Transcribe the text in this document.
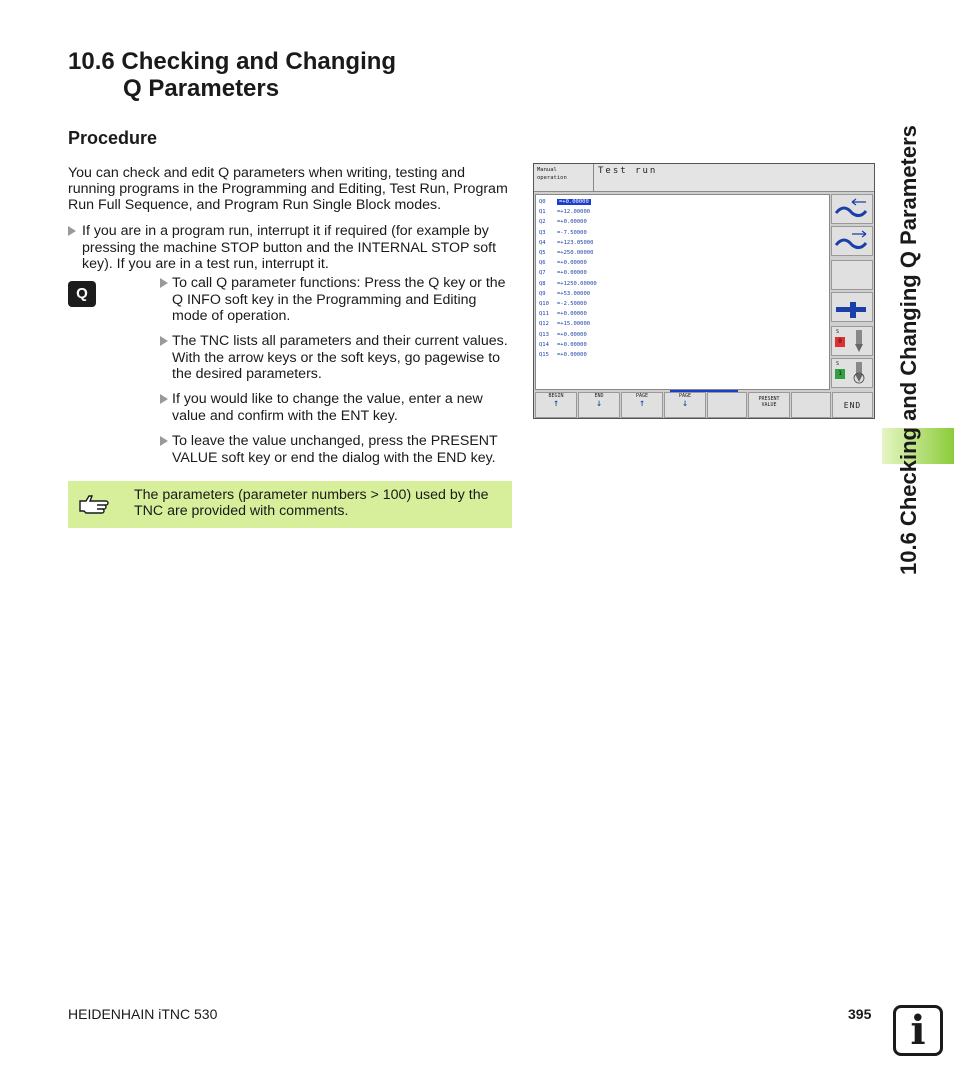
10.6 Checking and Changing
Q Parameters
Procedure
You can check and edit Q parameters when writing, testing and running programs in the Programming and Editing, Test Run, Program Run Full Sequence, and Program Run Single Block modes.
If you are in a program run, interrupt it if required (for example by pressing the machine STOP button and the INTERNAL STOP soft key). If you are in a test run, interrupt it.
Q
To call Q parameter functions: Press the Q key or the Q INFO soft key in the Programming and Editing mode of operation.
The TNC lists all parameters and their current values. With the arrow keys or the soft keys, go pagewise to the desired parameters.
If you would like to change the value, enter a new value and confirm with the ENT key.
To leave the value unchanged, press the PRESENT VALUE soft key or end the dialog with the END key.
The parameters (parameter numbers > 100) used by the TNC are provided with comments.
Manual
operation
Test run
Q0 =+0.00000
Q1 =+12.00000
Q2 =+0.00000
Q3 =-7.50000
Q4 =+123.05000
Q5 =+250.00000
Q6 =+0.00000
Q7 =+0.00000
Q8 =+1250.00000
Q9 =+53.00000
Q10 =-2.50000
Q11 =+0.00000
Q12 =+15.00000
Q13 =+0.00000
Q14 =+0.00000
Q15 =+0.00000
S
0
S
1
BEGIN
↑
END
↓
PAGE
↑
PAGE
↓	PRESENT
VALUE	END	10.6 Checking and Changing Q Parameters
HEIDENHAIN iTNC 530	395 i
